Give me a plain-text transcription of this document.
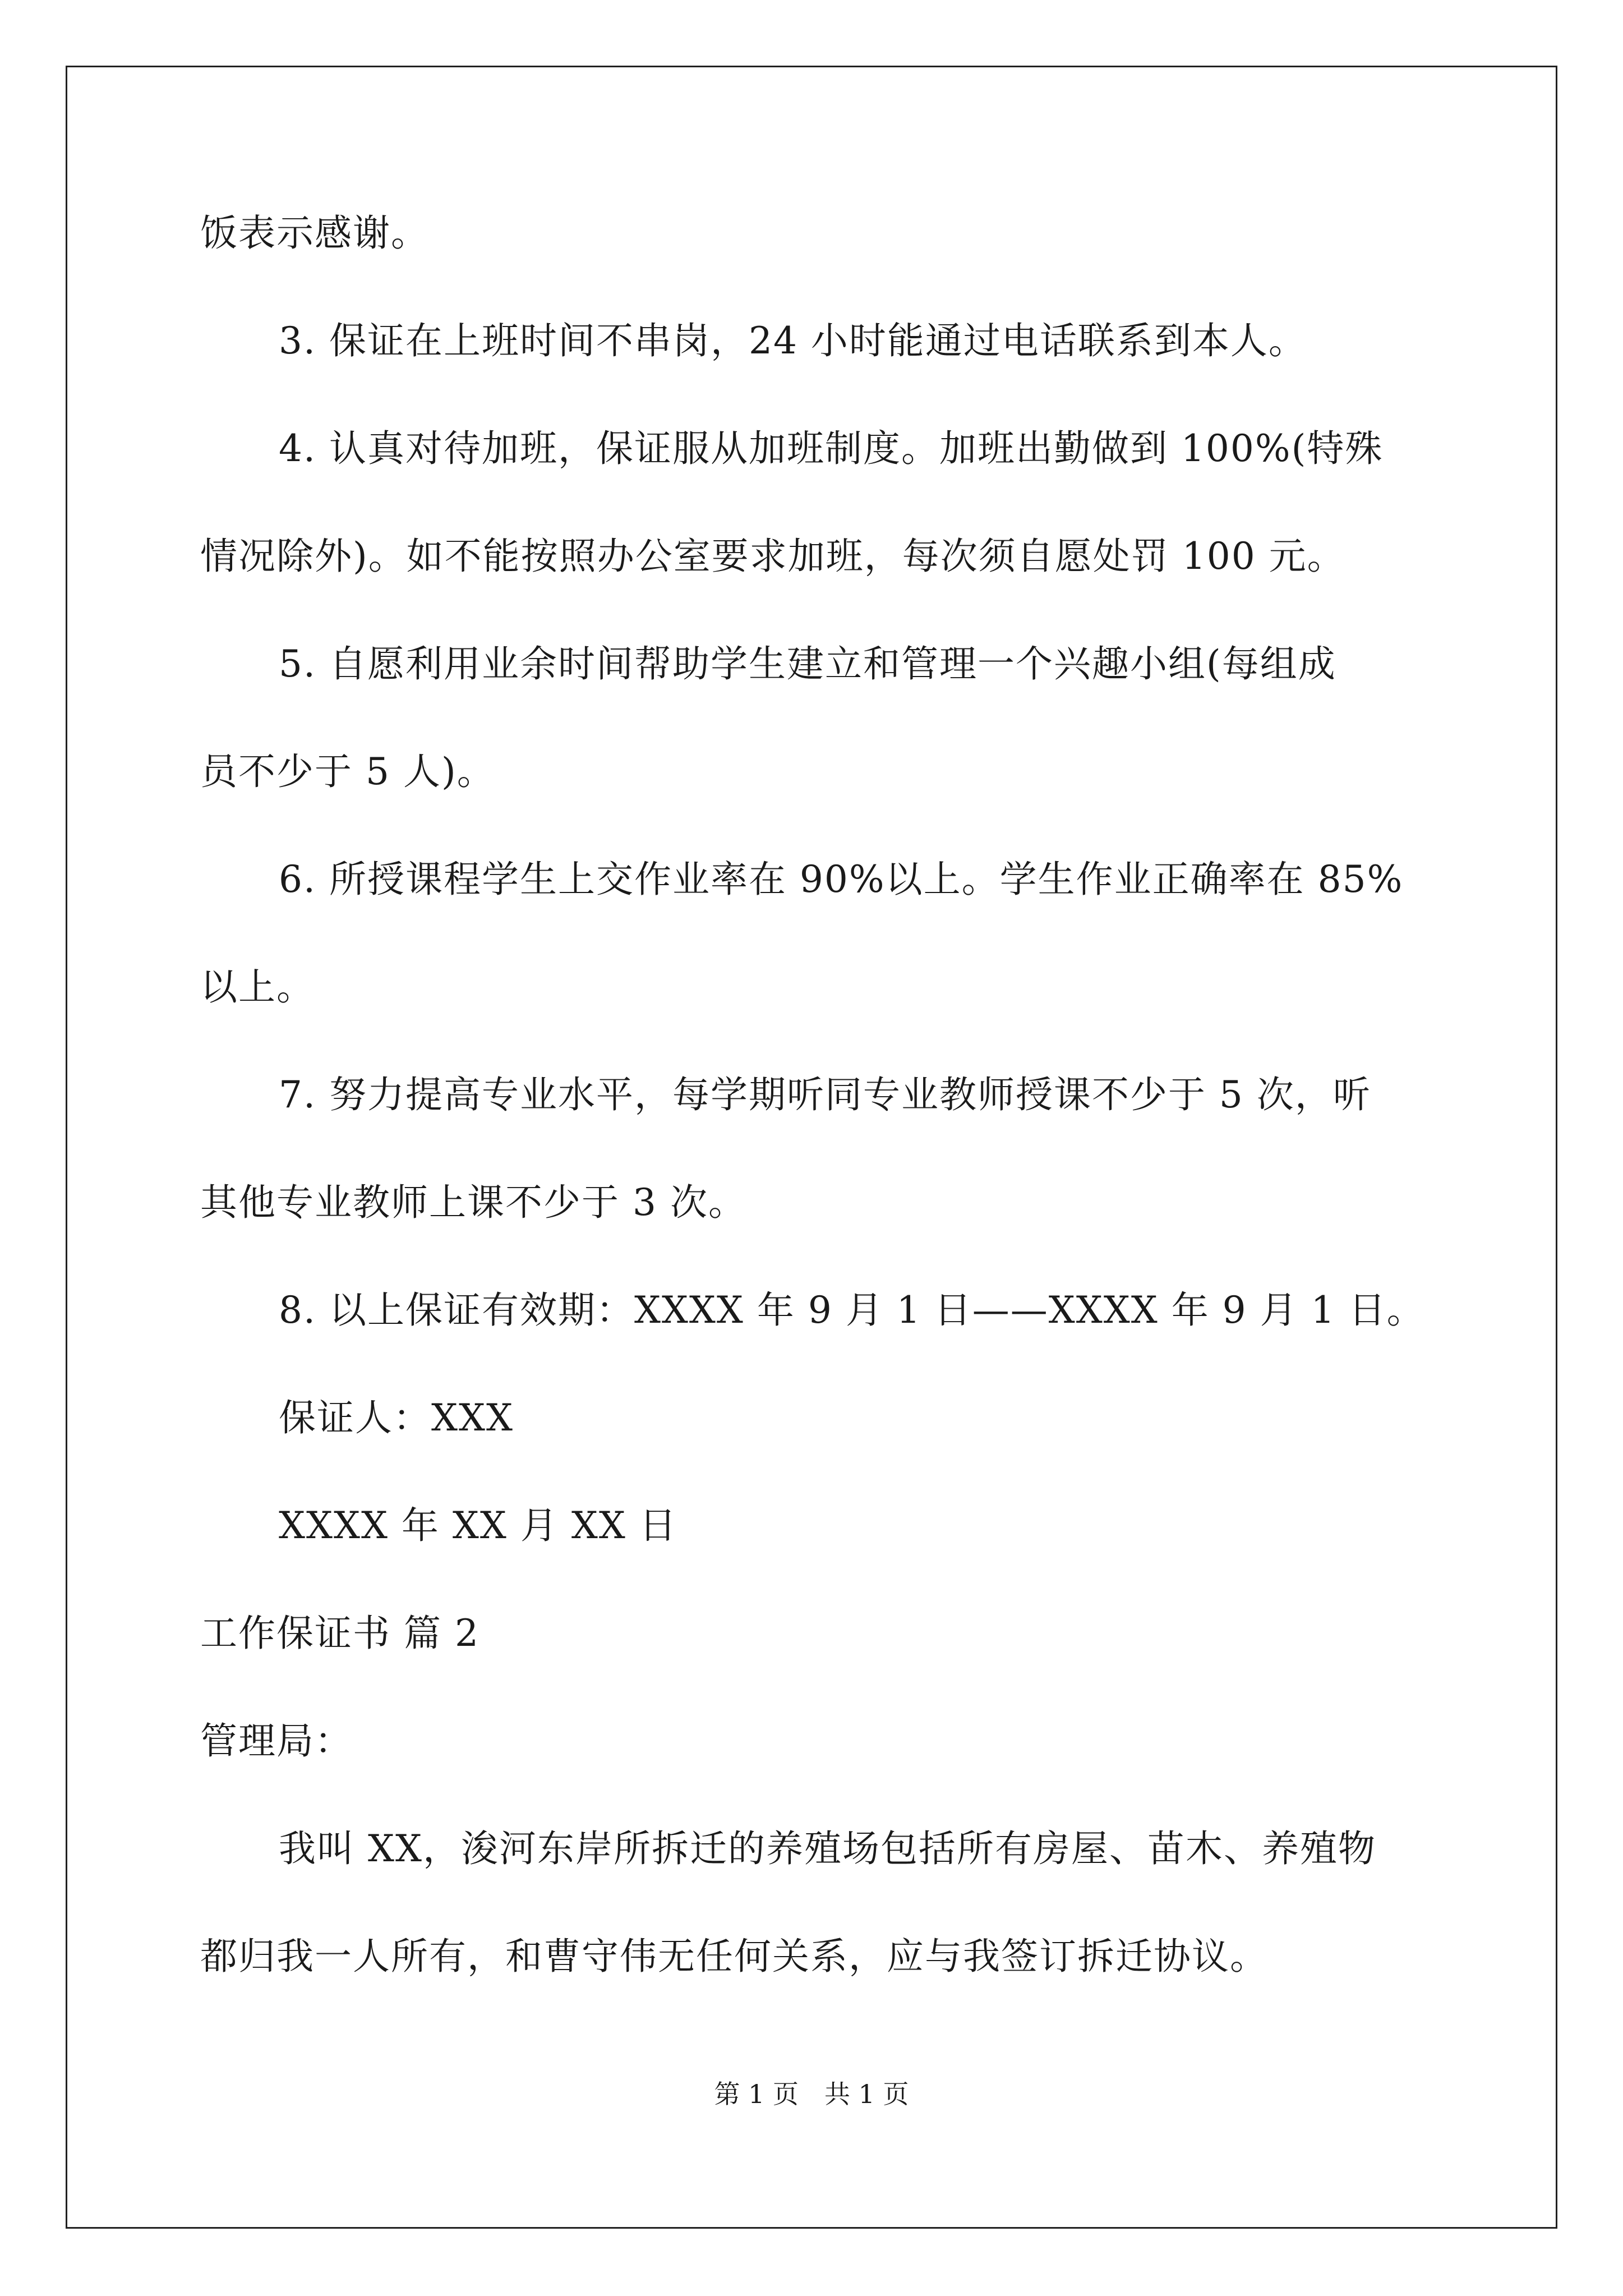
饭表示感谢。
3. 保证在上班时间不串岗，24 小时能通过电话联系到本人。
4. 认真对待加班，保证服从加班制度。加班出勤做到 100%(特殊
情况除外)。如不能按照办公室要求加班，每次须自愿处罚 100 元。
5. 自愿利用业余时间帮助学生建立和管理一个兴趣小组(每组成
员不少于 5 人)。
6. 所授课程学生上交作业率在 90%以上。学生作业正确率在 85%
以上。
7. 努力提高专业水平，每学期听同专业教师授课不少于 5 次，听
其他专业教师上课不少于 3 次。
8. 以上保证有效期：XXXX 年 9 月 1 日——XXXX 年 9 月 1 日。
保证人：XXX
XXXX 年 XX 月 XX 日
工作保证书 篇 2
管理局：
我叫 XX，浚河东岸所拆迁的养殖场包括所有房屋、苗木、养殖物
都归我一人所有，和曹守伟无任何关系，应与我签订拆迁协议。
第 1 页　共 1 页
